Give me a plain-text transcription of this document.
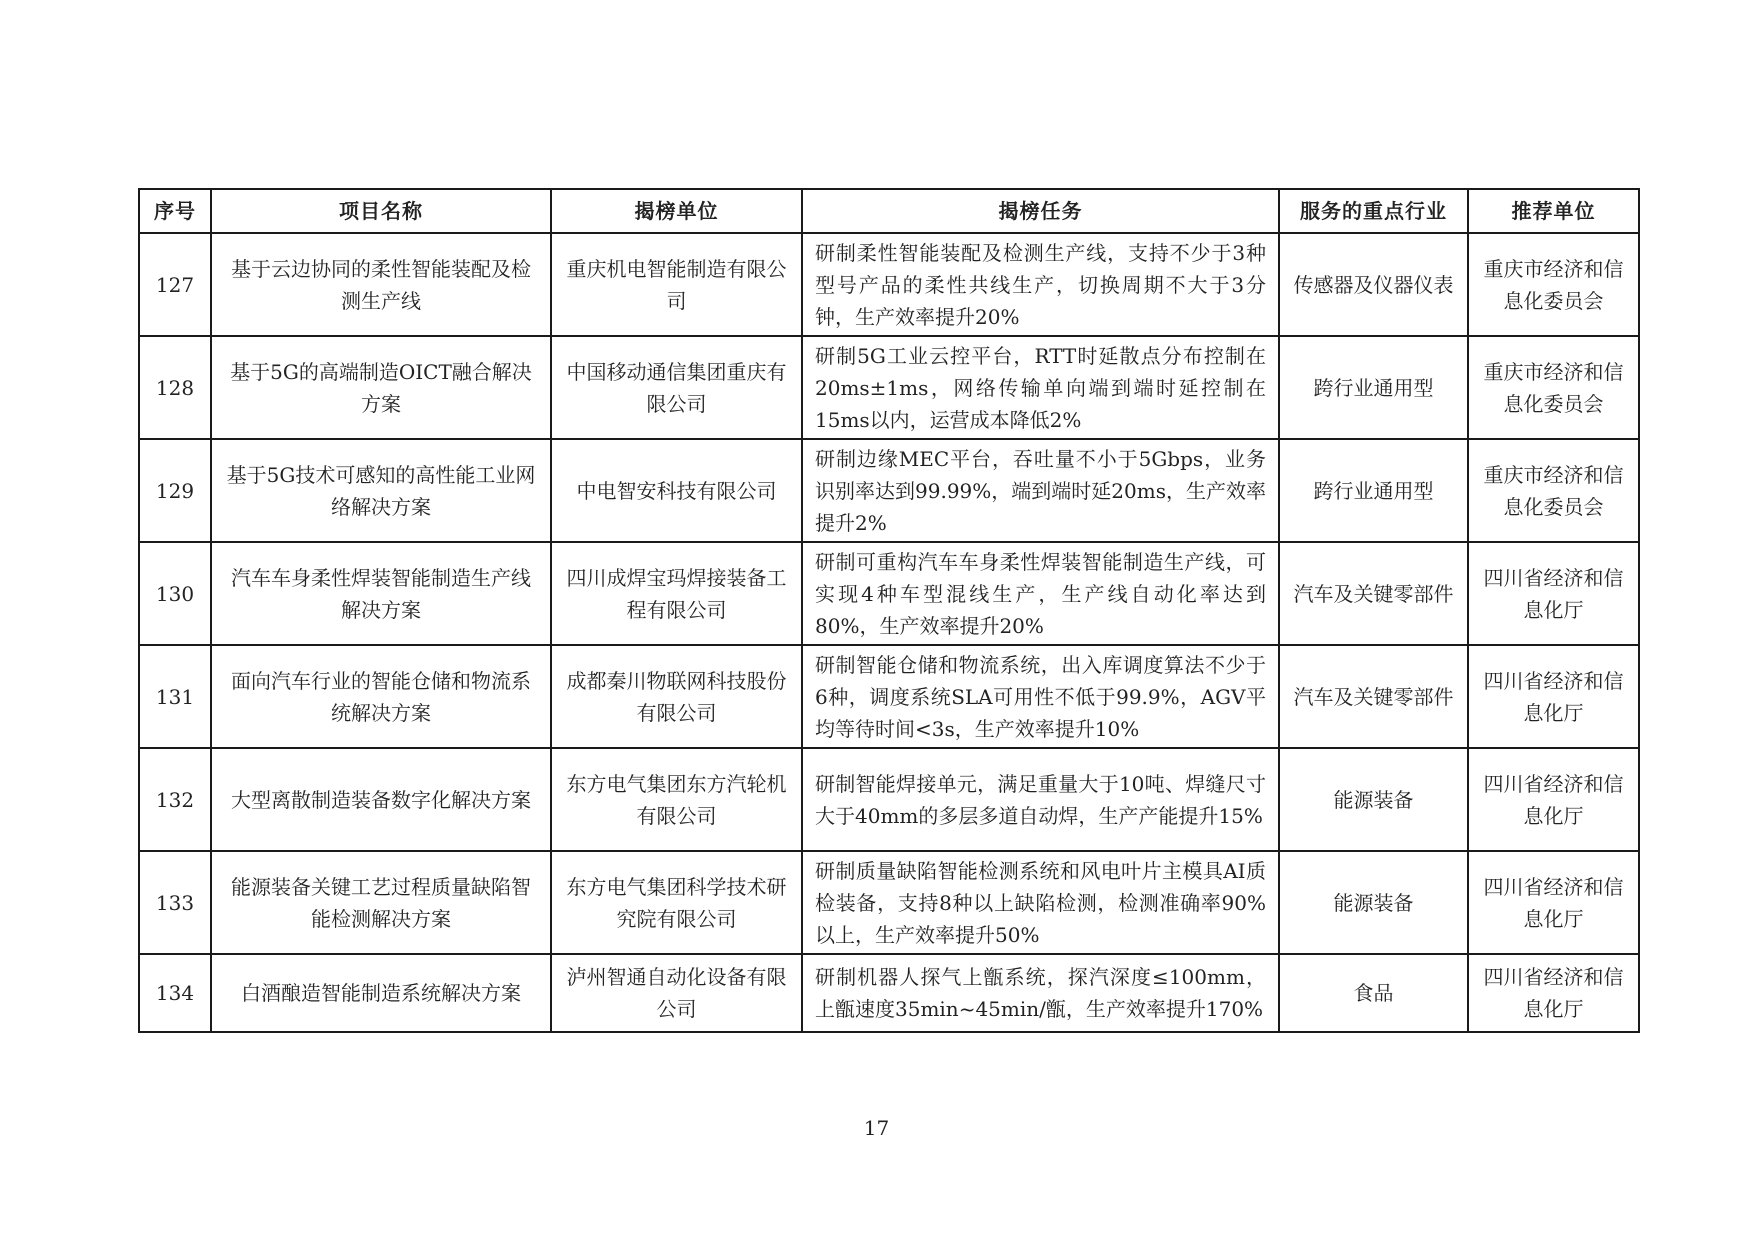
序号	项目名称	揭榜单位	揭榜任务	服务的重点行业	推荐单位
127	基于云边协同的柔性智能装配及检测生产线	重庆机电智能制造有限公司	研制柔性智能装配及检测生产线，支持不少于3种型号产品的柔性共线生产，切换周期不大于3分钟，生产效率提升20%	传感器及仪器仪表	重庆市经济和信息化委员会
128	基于5G的高端制造OICT融合解决方案	中国移动通信集团重庆有限公司	研制5G工业云控平台，RTT时延散点分布控制在20ms±1ms，网络传输单向端到端时延控制在15ms以内，运营成本降低2%	跨行业通用型	重庆市经济和信息化委员会
129	基于5G技术可感知的高性能工业网络解决方案	中电智安科技有限公司	研制边缘MEC平台，吞吐量不小于5Gbps，业务识别率达到99.99%，端到端时延20ms，生产效率提升2%	跨行业通用型	重庆市经济和信息化委员会
130	汽车车身柔性焊装智能制造生产线解决方案	四川成焊宝玛焊接装备工程有限公司	研制可重构汽车车身柔性焊装智能制造生产线，可实现4种车型混线生产，生产线自动化率达到80%，生产效率提升20%	汽车及关键零部件	四川省经济和信息化厅
131	面向汽车行业的智能仓储和物流系统解决方案	成都秦川物联网科技股份有限公司	研制智能仓储和物流系统，出入库调度算法不少于6种，调度系统SLA可用性不低于99.9%，AGV平均等待时间<3s，生产效率提升10%	汽车及关键零部件	四川省经济和信息化厅
132	大型离散制造装备数字化解决方案	东方电气集团东方汽轮机有限公司	研制智能焊接单元，满足重量大于10吨、焊缝尺寸大于40mm的多层多道自动焊，生产产能提升15%	能源装备	四川省经济和信息化厅
133	能源装备关键工艺过程质量缺陷智能检测解决方案	东方电气集团科学技术研究院有限公司	研制质量缺陷智能检测系统和风电叶片主模具AI质检装备，支持8种以上缺陷检测，检测准确率90%以上，生产效率提升50%	能源装备	四川省经济和信息化厅
134	白酒酿造智能制造系统解决方案	泸州智通自动化设备有限公司	研制机器人探气上甑系统，探汽深度≤100mm，上甑速度35min~45min/甑，生产效率提升170%	食品	四川省经济和信息化厅
17
